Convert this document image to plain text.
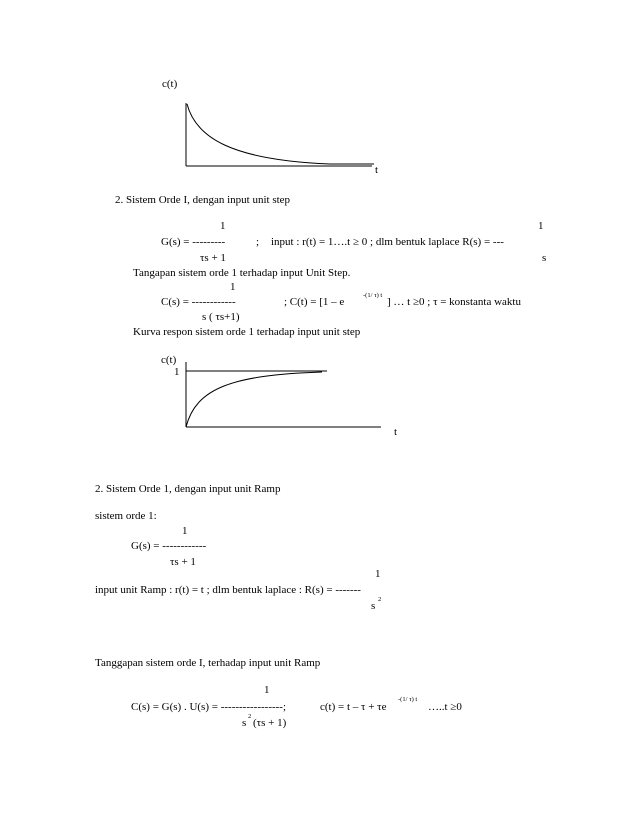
c(t)
t
2. Sistem Orde I, dengan input unit step
1	1
G(s) = ---------	; input : r(t) = 1….t ≥ 0 ; dlm bentuk laplace R(s) = ---
τs + 1	s
Tangapan sistem orde 1 terhadap input Unit Step.
1
C(s) = ------------	; C(t) = [1 – e
-(1/ τ) t
] … t ≥0 ; τ = konstanta waktu
s ( τs+1)
Kurva respon sistem orde 1 terhadap input unit step
c(t)
1
t
2. Sistem Orde 1, dengan input unit Ramp
sistem orde 1:
1
G(s) = ------------
τs + 1
1
input unit Ramp : r(t) = t ; dlm bentuk laplace : R(s) = -------
s
2
Tanggapan sistem orde I, terhadap input unit Ramp
1
C(s) = G(s) . U(s) = -----------------;	c(t) = t – τ + τe
-(1/ τ) t
…..t ≥0
s
2
(τs + 1)
